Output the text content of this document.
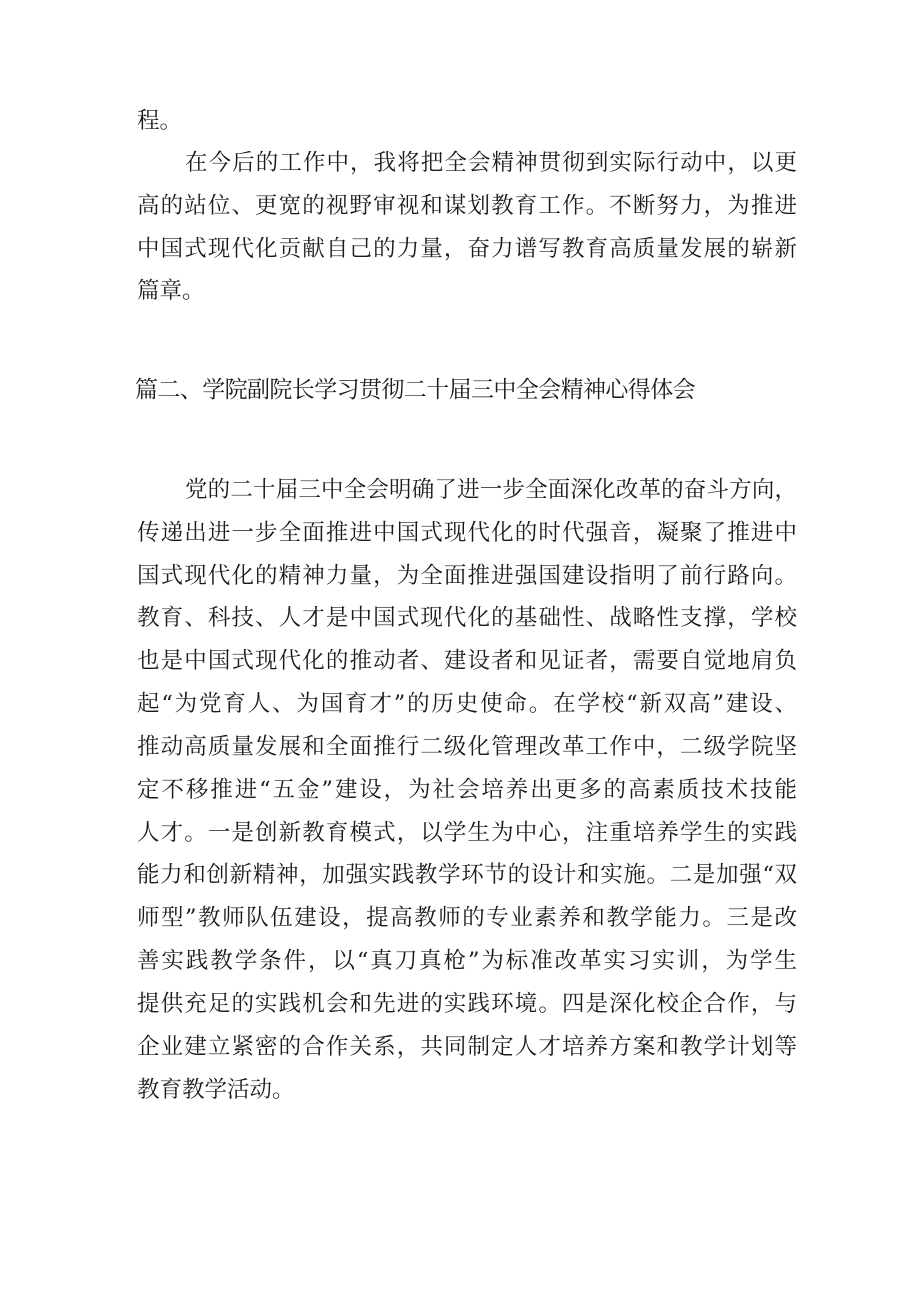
程。
在今后的工作中，我将把全会精神贯彻到实际行动中，以更
高的站位、更宽的视野审视和谋划教育工作。不断努力，为推进
中国式现代化贡献自己的力量，奋力谱写教育高质量发展的崭新
篇章。
篇二、学院副院长学习贯彻二十届三中全会精神心得体会
党的二十届三中全会明确了进一步全面深化改革的奋斗方向，
传递出进一步全面推进中国式现代化的时代强音，凝聚了推进中
国式现代化的精神力量，为全面推进强国建设指明了前行路向。
教育、科技、人才是中国式现代化的基础性、战略性支撑，学校
也是中国式现代化的推动者、建设者和见证者，需要自觉地肩负
起“为党育人、为国育才”的历史使命。在学校“新双高”建设、
推动高质量发展和全面推行二级化管理改革工作中，二级学院坚
定不移推进“五金”建设，为社会培养出更多的高素质技术技能
人才。一是创新教育模式，以学生为中心，注重培养学生的实践
能力和创新精神，加强实践教学环节的设计和实施。二是加强“双
师型”教师队伍建设，提高教师的专业素养和教学能力。三是改
善实践教学条件，以“真刀真枪”为标准改革实习实训，为学生
提供充足的实践机会和先进的实践环境。四是深化校企合作，与
企业建立紧密的合作关系，共同制定人才培养方案和教学计划等
教育教学活动。
